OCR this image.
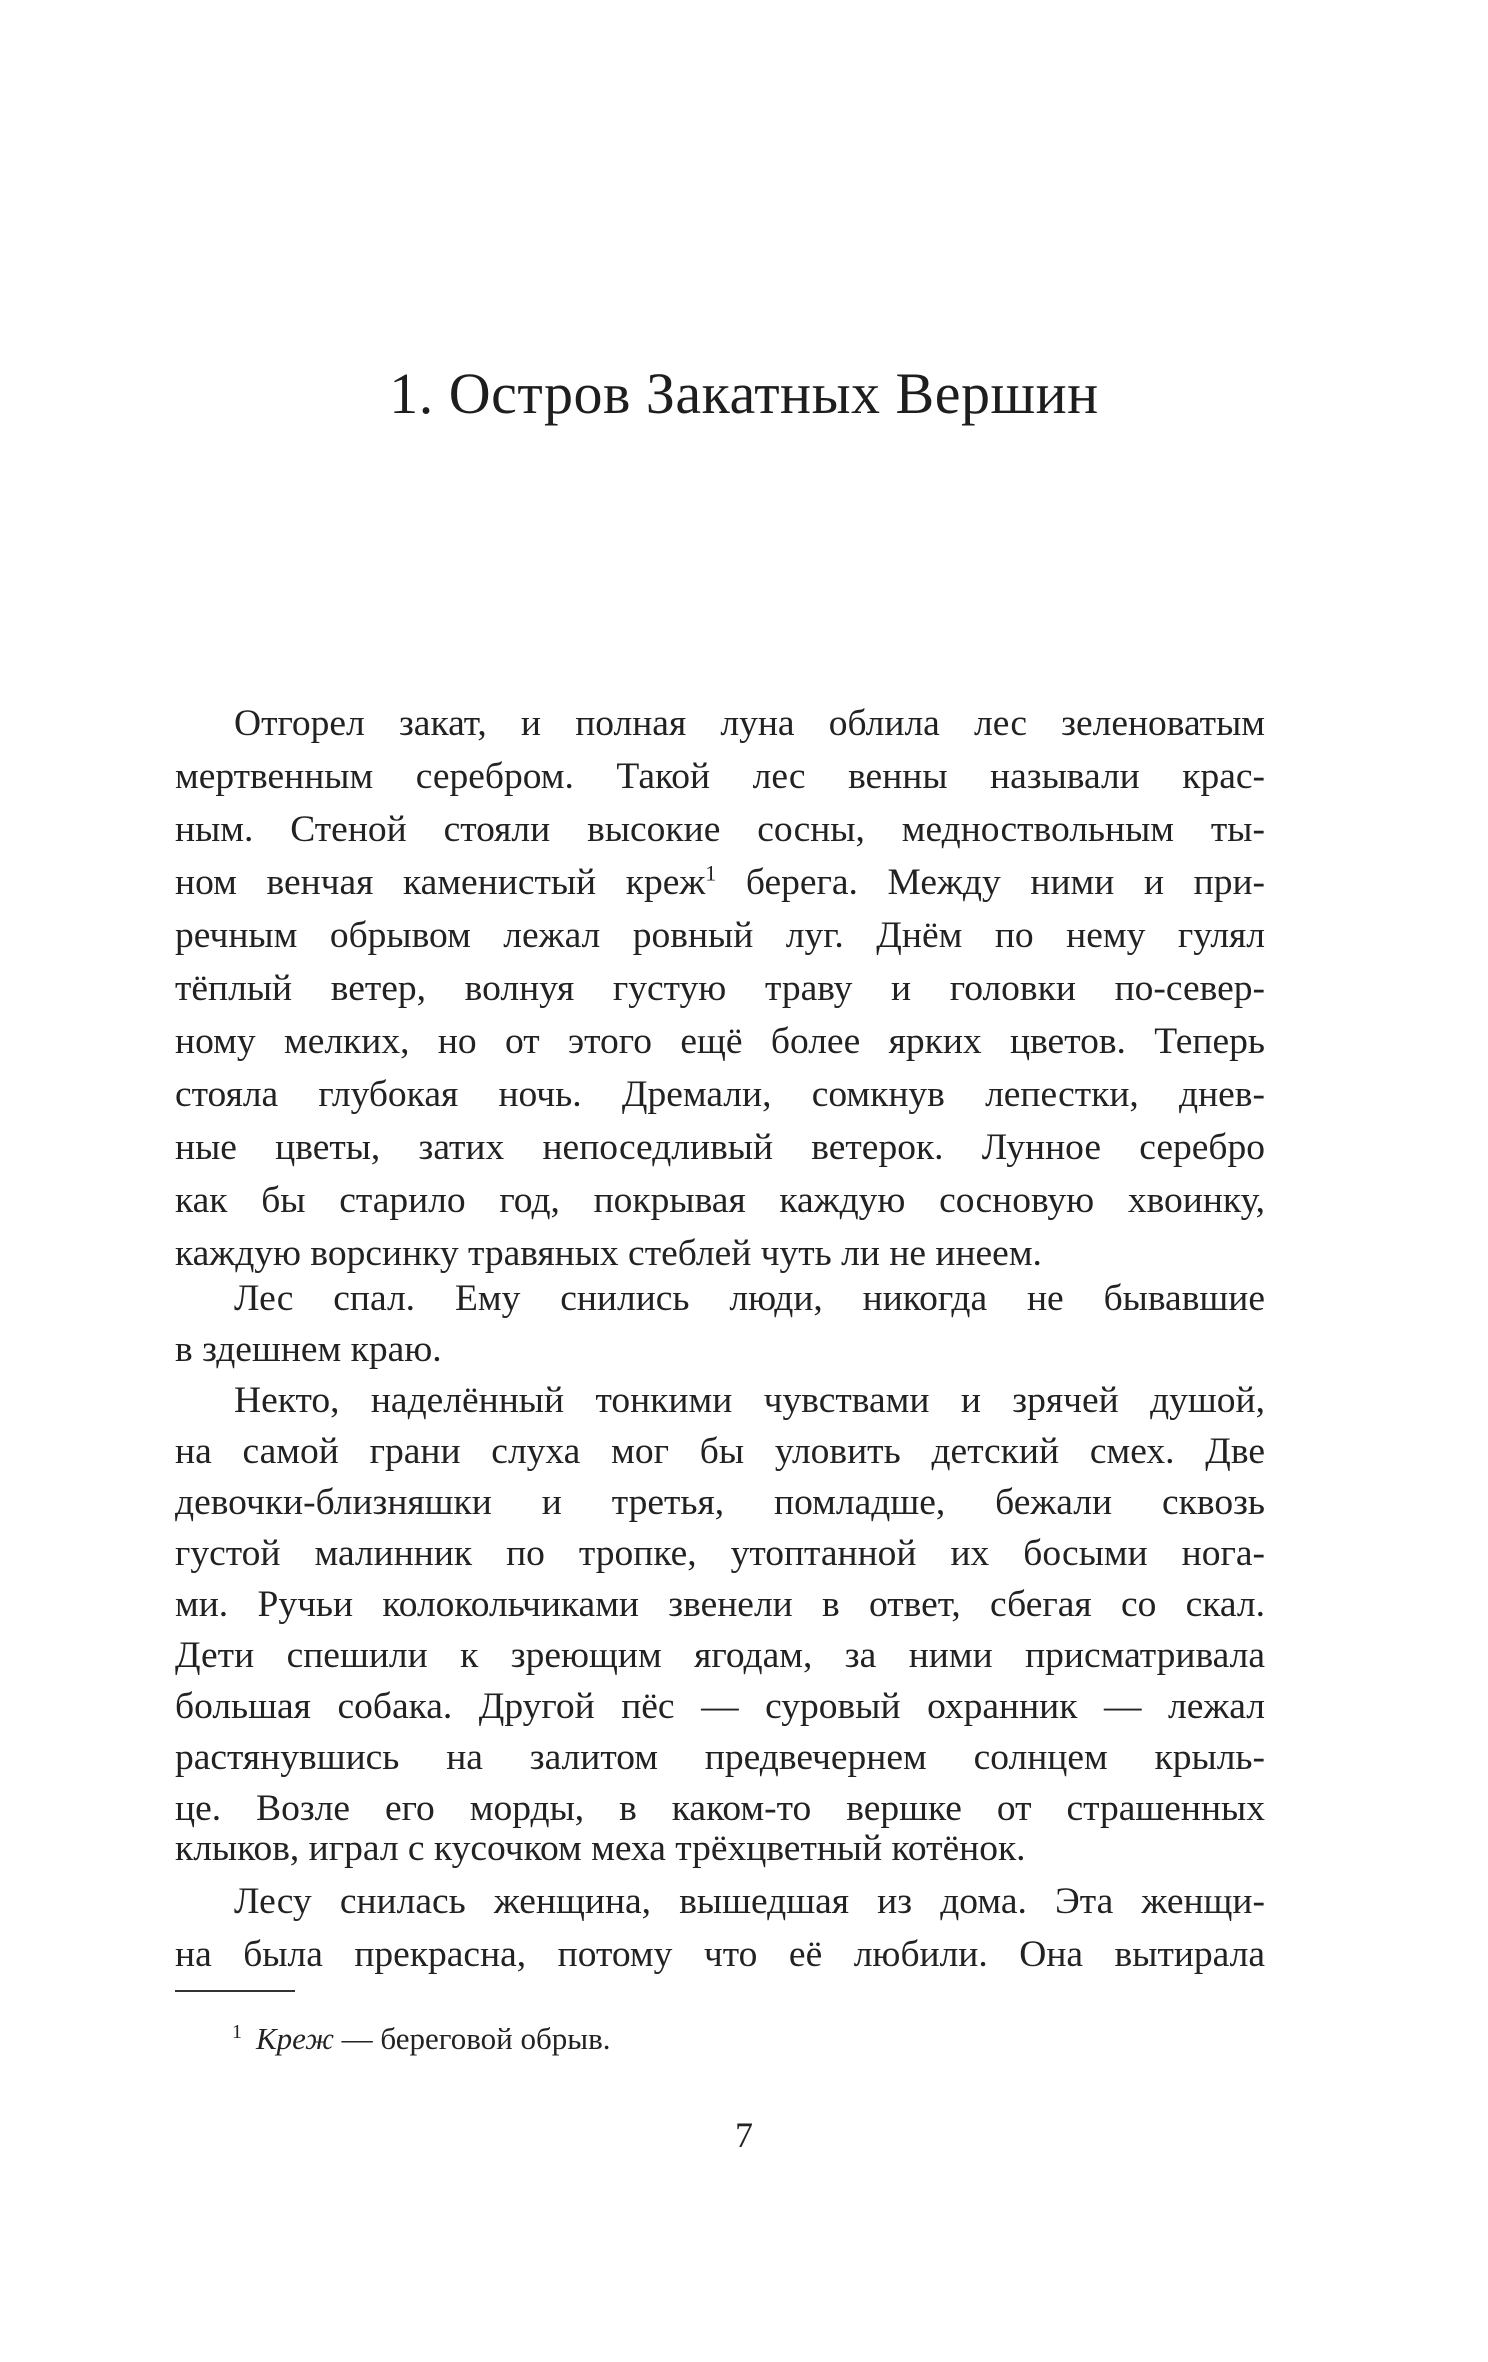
1. Остров Закатных Вершин
Отгорел закат, и полная луна облила лес зеленоватым
мертвенным серебром. Такой лес венны называли крас-
ным. Стеной стояли высокие сосны, медноствольным ты-
ном венчая каменистый креж$^1$ берега. Между ними и при-
речным обрывом лежал ровный луг. Днём по нему гулял
тёплый ветер, волнуя густую траву и головки по-север-
ному мелких, но от этого ещё более ярких цветов. Теперь
стояла глубокая ночь. Дремали, сомкнув лепестки, днев-
ные цветы, затих непоседливый ветерок. Лунное серебро
как бы старило год, покрывая каждую сосновую хвоинку,
каждую ворсинку травяных стеблей чуть ли не инеем.
Лес спал. Ему снились люди, никогда не бывавшие
в здешнем краю.
Некто, наделённый тонкими чувствами и зрячей душой,
на самой грани слуха мог бы уловить детский смех. Две
девочки-близняшки и третья, помладше, бежали сквозь
густой малинник по тропке, утоптанной их босыми нога-
ми. Ручьи колокольчиками звенели в ответ, сбегая со скал.
Дети спешили к зреющим ягодам, за ними присматривала
большая собака. Другой пёс — суровый охранник — лежал
растянувшись на залитом предвечернем солнцем крыль-
це. Возле его морды, в каком-то вершке от страшенных
клыков, играл с кусочком меха трёхцветный котёнок.
Лесу снилась женщина, вышедшая из дома. Эта женщи-
на была прекрасна, потому что её любили. Она вытирала
$^1$ Креж — береговой обрыв.
7
